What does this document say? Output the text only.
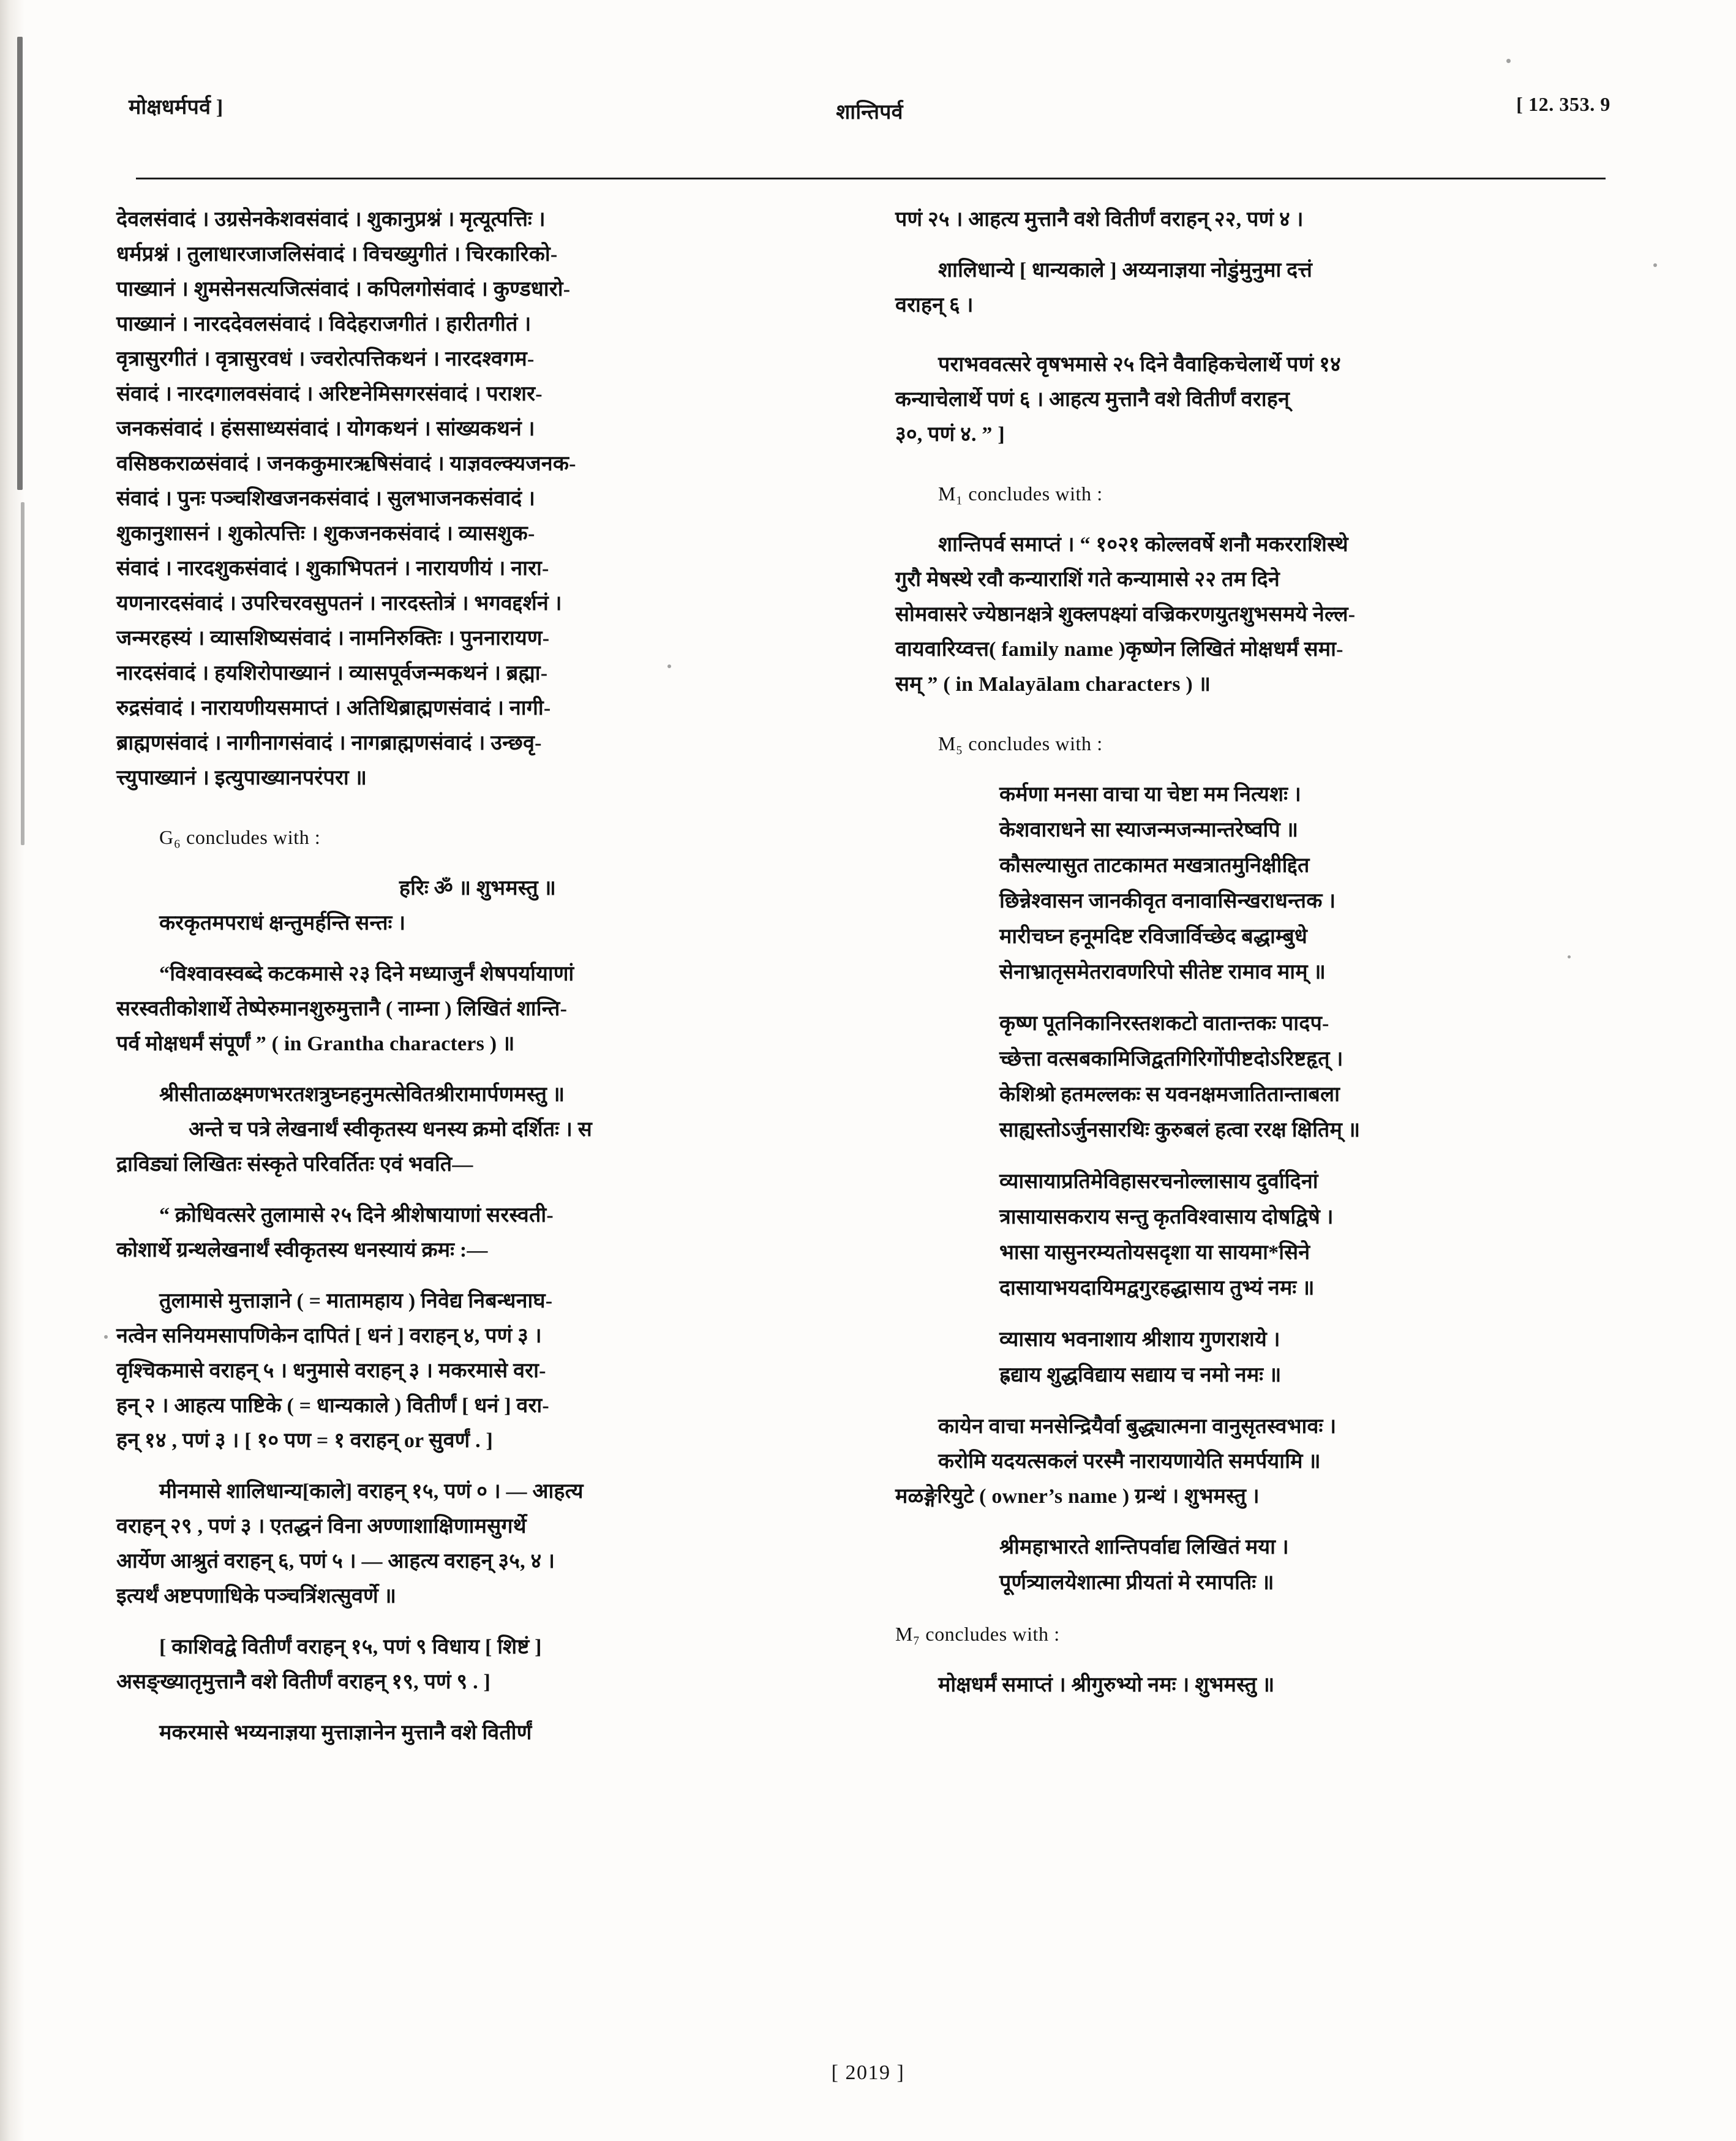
मोक्षधर्मपर्व ]	शान्तिपर्व	[ 12. 353. 9
देवलसंवादं । उग्रसेनकेशवसंवादं । शुकानुप्रश्नं । मृत्यूत्पत्तिः ।
धर्मप्रश्नं । तुलाधारजाजलिसंवादं । विचख्युगीतं । चिरकारिको-
पाख्यानं । शुमसेनसत्यजित्संवादं । कपिलगोसंवादं । कुण्डधारो-
पाख्यानं । नारददेवलसंवादं । विदेहराजगीतं । हारीतगीतं ।
वृत्रासुरगीतं । वृत्रासुरवधं । ज्वरोत्पत्तिकथनं । नारदश्वगम-
संवादं । नारदगालवसंवादं । अरिष्टनेमिसगरसंवादं । पराशर-
जनकसंवादं । हंससाध्यसंवादं । योगकथनं । सांख्यकथनं ।
वसिष्ठकराळसंवादं । जनककुमारऋषिसंवादं । याज्ञवल्क्यजनक-
संवादं । पुनः पञ्चशिखजनकसंवादं । सुलभाजनकसंवादं ।
शुकानुशासनं । शुकोत्पत्तिः । शुकजनकसंवादं । व्यासशुक-
संवादं । नारदशुकसंवादं । शुकाभिपतनं । नारायणीयं । नारा-
यणनारदसंवादं । उपरिचरवसुपतनं । नारदस्तोत्रं । भगवद्दर्शनं ।
जन्मरहस्यं । व्यासशिष्यसंवादं । नामनिरुक्तिः । पुननारायण-
नारदसंवादं । हयशिरोपाख्यानं । व्यासपूर्वजन्मकथनं । ब्रह्मा-
रुद्रसंवादं । नारायणीयसमाप्तं । अतिथिब्राह्मणसंवादं । नागी-
ब्राह्मणसंवादं । नागीनागसंवादं । नागब्राह्मणसंवादं । उन्छवृ-
त्त्युपाख्यानं । इत्युपाख्यानपरंपरा ॥
G₆ concludes with :
हरिः ॐ ॥ शुभमस्तु ॥
करकृतमपराधं क्षन्तुमर्हन्ति सन्तः ।
“विश्वावस्वब्दे कटकमासे २३ दिने मध्याजुर्नं शेषपर्यायाणां
सरस्वतीकोशार्थे तेष्पेरुमानशुरुमुत्तानै ( नाम्ना ) लिखितं शान्ति-
पर्व मोक्षधर्मं संपूर्णं ” ( in Grantha characters ) ॥
श्रीसीताळक्ष्मणभरतशत्रुघ्नहनुमत्सेवितश्रीरामार्पणमस्तु ॥
अन्ते च पत्रे लेखनार्थं स्वीकृतस्य धनस्य क्रमो दर्शितः । स
द्राविड्यां लिखितः संस्कृते परिवर्तितः एवं भवति—
“ क्रोधिवत्सरे तुलामासे २५ दिने श्रीशेषायाणां सरस्वती-
कोशार्थे ग्रन्थलेखनार्थं स्वीकृतस्य धनस्यायं क्रमः :—
तुलामासे मुत्ताज्ञाने ( = मातामहाय ) निवेद्य निबन्धनाघ-
नत्वेन सनियमसापणिकेन दापितं [ धनं ] वराहन् ४, पणं ३ ।
वृश्चिकमासे वराहन् ५ । धनुमासे वराहन् ३ । मकरमासे वरा-
हन् २ । आहत्य पाष्टिके ( = धान्यकाले ) वितीर्णं [ धनं ] वरा-
हन् १४ , पणं ३ । [ १० पण = १ वराहन् or सुवर्णं . ]
मीनमासे शालिधान्य[काले] वराहन् १५, पणं ० । — आहत्य
वराहन् २९ , पणं ३ । एतद्धनं विना अण्णाशाक्षिणामसुगर्थे
आर्येण आश्रुतं वराहन् ६, पणं ५ । — आहत्य वराहन् ३५, ४ ।
इत्यर्थं अष्टपणाधिके पञ्चत्रिंशत्सुवर्णे ॥
[ काशिवद्वे वितीर्णं वराहन् १५, पणं ९ विधाय [ शिष्टं ]
असङ्ख्यातृमुत्तानै वशे वितीर्णं वराहन् १९, पणं ९ . ]
मकरमासे भय्यनाज्ञया मुत्ताज्ञानेन मुत्तानै वशे वितीर्णं
पणं २५ । आहत्य मुत्तानै वशे वितीर्णं वराहन् २२, पणं ४ ।
शालिधान्ये [ धान्यकाले ] अय्यनाज्ञया नोडुंमुनुमा दत्तं
वराहन् ६ ।
पराभववत्सरे वृषभमासे २५ दिने वैवाहिकचेलार्थे पणं १४
कन्याचेलार्थे पणं ६ । आहत्य मुत्तानै वशे वितीर्णं वराहन्
३०, पणं ४. ” ]
M₁ concludes with :
शान्तिपर्व समाप्तं । “ १०२१ कोल्लवर्षे शनौ मकरराशिस्थे
गुरौ मेषस्थे रवौ कन्याराशिं गते कन्यामासे २२ तम दिने
सोमवासरे ज्येष्ठानक्षत्रे शुक्लपक्ष्यां वज्रिकरणयुतशुभसमये नेल्ल-
वायवारिय्वत्त( family name )कृष्णेन लिखितं मोक्षधर्मं समा-
सम् ” ( in Malayālam characters ) ॥
M₅ concludes with :
कर्मणा मनसा वाचा या चेष्टा मम नित्यशः ।
केशवाराधने सा स्याजन्मजन्मान्तरेष्वपि ॥
कौसल्यासुत ताटकामत मखत्रातमुनिक्षीद्दित
छिन्नेश्वासन जानकीवृत वनावासिन्खराधन्तक ।
मारीचघ्न हनूमदिष्ट रविजार्विच्छेद बद्धाम्बुधे
सेनाभ्रातृसमेतरावणरिपो सीतेष्ट रामाव माम् ॥
कृष्ण पूतनिकानिरस्तशकटो वातान्तकः पादप-
च्छेत्ता वत्सबकामिजिद्वतगिरिगोंपीष्टदोऽरिष्टहृत् ।
केशिश्रो हतमल्लकः स यवनक्षमजातितान्ताबला
साह्यस्तोऽर्जुनसारथिः कुरुबलं हत्वा ररक्ष क्षितिम् ॥
व्यासायाप्रतिमेविहासरचनोल्लासाय दुर्वादिनां
त्रासायासकराय सन्तु कृतविश्वासाय दोषद्विषे ।
भासा यासुनरम्यतोयसदृशा या सायमा*सिने
दासायाभयदायिमद्वगुरहद्धासाय तुभ्यं नमः ॥
व्यासाय भवनाशाय श्रीशाय गुणराशये ।
ह्रद्याय शुद्धविद्याय सद्याय च नमो नमः ॥
कायेन वाचा मनसेन्द्रियैर्वा बुद्ध्यात्मना वानुसृतस्वभावः ।
करोमि यदयत्सकलं परस्मै नारायणायेति समर्पयामि ॥
मळङ्गेरियुटे ( owner’s name ) ग्रन्थं । शुभमस्तु ।
श्रीमहाभारते शान्तिपर्वाद्य लिखितं मया ।
पूर्णत्र्यालयेशात्मा प्रीयतां मे रमापतिः ॥
M₇ concludes with :
मोक्षधर्मं समाप्तं । श्रीगुरुभ्यो नमः । शुभमस्तु ॥
[ 2019 ]
